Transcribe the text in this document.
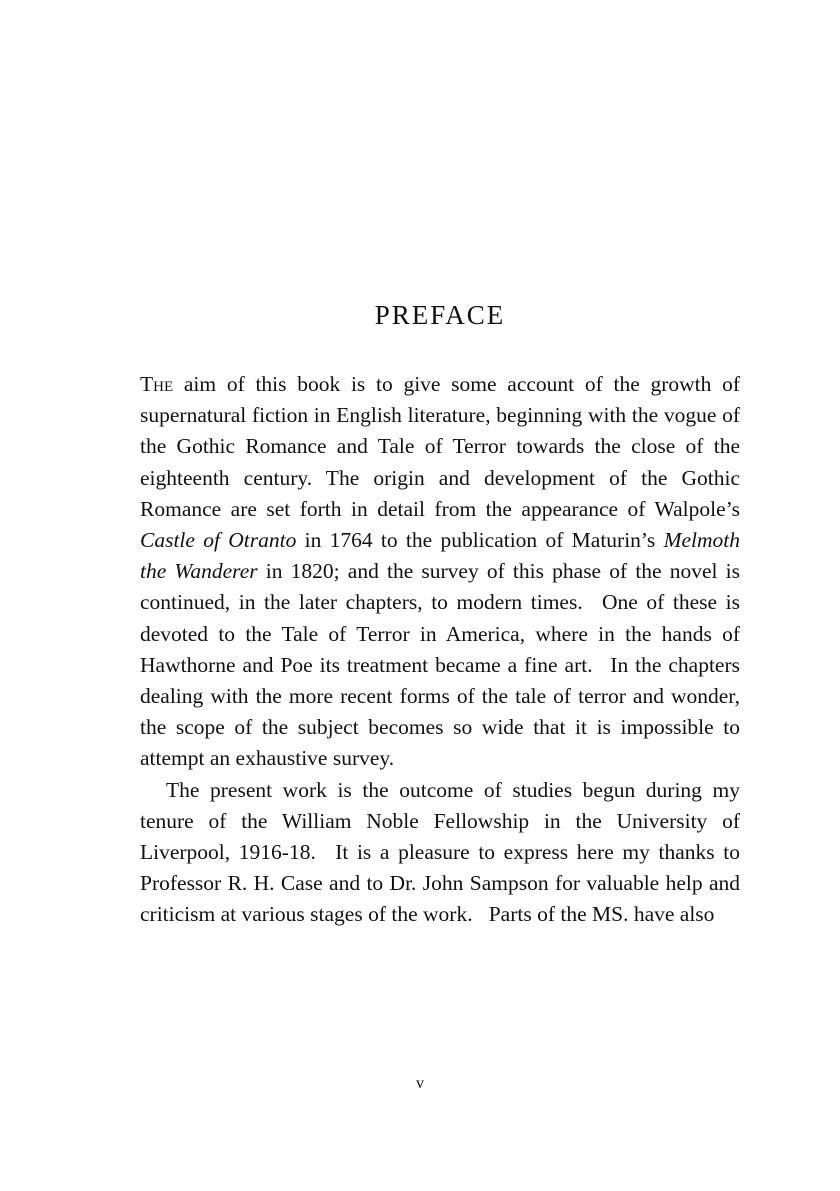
PREFACE

The aim of this book is to give some account of the growth of supernatural fiction in English literature, beginning with the vogue of the Gothic Romance and Tale of Terror towards the close of the eighteenth century. The origin and development of the Gothic Romance are set forth in detail from the appearance of Walpole’s Castle of Otranto in 1764 to the publication of Maturin’s Melmoth the Wanderer in 1820; and the survey of this phase of the novel is continued, in the later chapters, to modern times.  One of these is devoted to the Tale of Terror in America, where in the hands of Hawthorne and Poe its treatment became a fine art.  In the chapters dealing with the more recent forms of the tale of terror and wonder, the scope of the subject becomes so wide that it is impossible to attempt an exhaustive survey.

The present work is the outcome of studies begun during my tenure of the William Noble Fellowship in the University of Liverpool, 1916-18.  It is a pleasure to express here my thanks to Professor R. H. Case and to Dr. John Sampson for valuable help and criticism at various stages of the work.  Parts of the MS. have also

v
